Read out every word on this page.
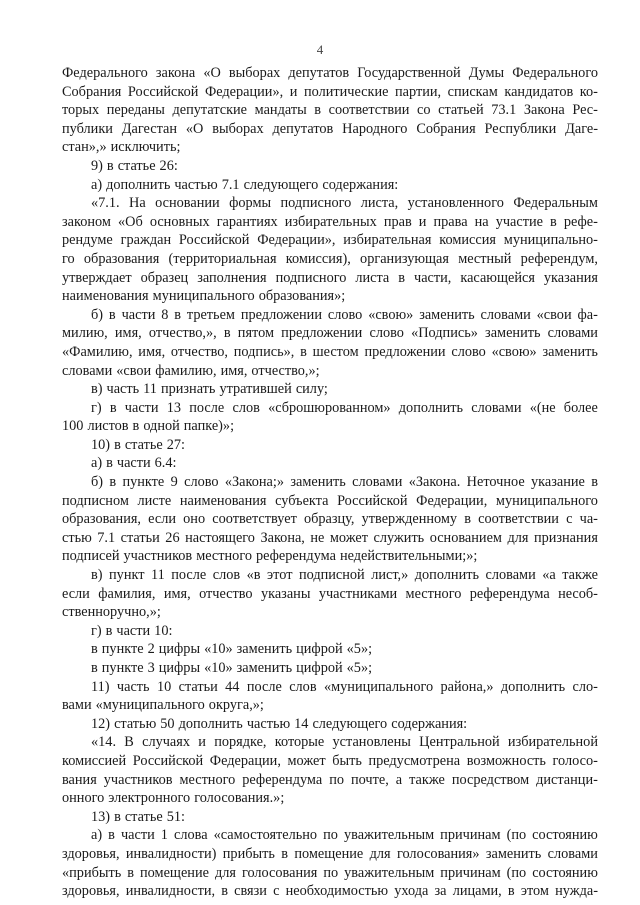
4
Федерального закона «О выборах депутатов Государственной Думы Федерального
Собрания Российской Федерации», и политические партии, спискам кандидатов ко-
торых переданы депутатские мандаты в соответствии со статьей 73.1 Закона Рес-
публики Дагестан «О выборах депутатов Народного Собрания Республики Даге-
стан»,» исключить;
9) в статье 26:
а) дополнить частью 7.1 следующего содержания:
«7.1. На основании формы подписного листа, установленного Федеральным
законом «Об основных гарантиях избирательных прав и права на участие в рефе-
рендуме граждан Российской Федерации», избирательная комиссия муниципально-
го образования (территориальная комиссия), организующая местный референдум,
утверждает образец заполнения подписного листа в части, касающейся указания
наименования муниципального образования»;
б) в части 8 в третьем предложении слово «свою» заменить словами «свои фа-
милию, имя, отчество,», в пятом предложении слово «Подпись» заменить словами
«Фамилию, имя, отчество, подпись», в шестом предложении слово «свою» заменить
словами «свои фамилию, имя, отчество,»;
в) часть 11 признать утратившей силу;
г) в части 13 после слов «сброшюрованном» дополнить словами «(не более
100 листов в одной папке)»;
10) в статье 27:
а) в части 6.4:
б) в пункте 9 слово «Закона;» заменить словами «Закона. Неточное указание в
подписном листе наименования субъекта Российской Федерации, муниципального
образования, если оно соответствует образцу, утвержденному в соответствии с ча-
стью 7.1 статьи 26 настоящего Закона, не может служить основанием для признания
подписей участников местного референдума недействительными;»;
в) пункт 11 после слов «в этот подписной лист,» дополнить словами «а также
если фамилия, имя, отчество указаны участниками местного референдума несоб-
ственноручно,»;
г) в части 10:
в пункте 2 цифры «10» заменить цифрой «5»;
в пункте 3 цифры «10» заменить цифрой «5»;
11) часть 10 статьи 44 после слов «муниципального района,» дополнить сло-
вами «муниципального округа,»;
12) статью 50 дополнить частью 14 следующего содержания:
«14. В случаях и порядке, которые установлены Центральной избирательной
комиссией Российской Федерации, может быть предусмотрена возможность голосо-
вания участников местного референдума по почте, а также посредством дистанци-
онного электронного голосования.»;
13) в статье 51:
а) в части 1 слова «самостоятельно по уважительным причинам (по состоянию
здоровья, инвалидности) прибыть в помещение для голосования» заменить словами
«прибыть в помещение для голосования по уважительным причинам (по состоянию
здоровья, инвалидности, в связи с необходимостью ухода за лицами, в этом нужда-
